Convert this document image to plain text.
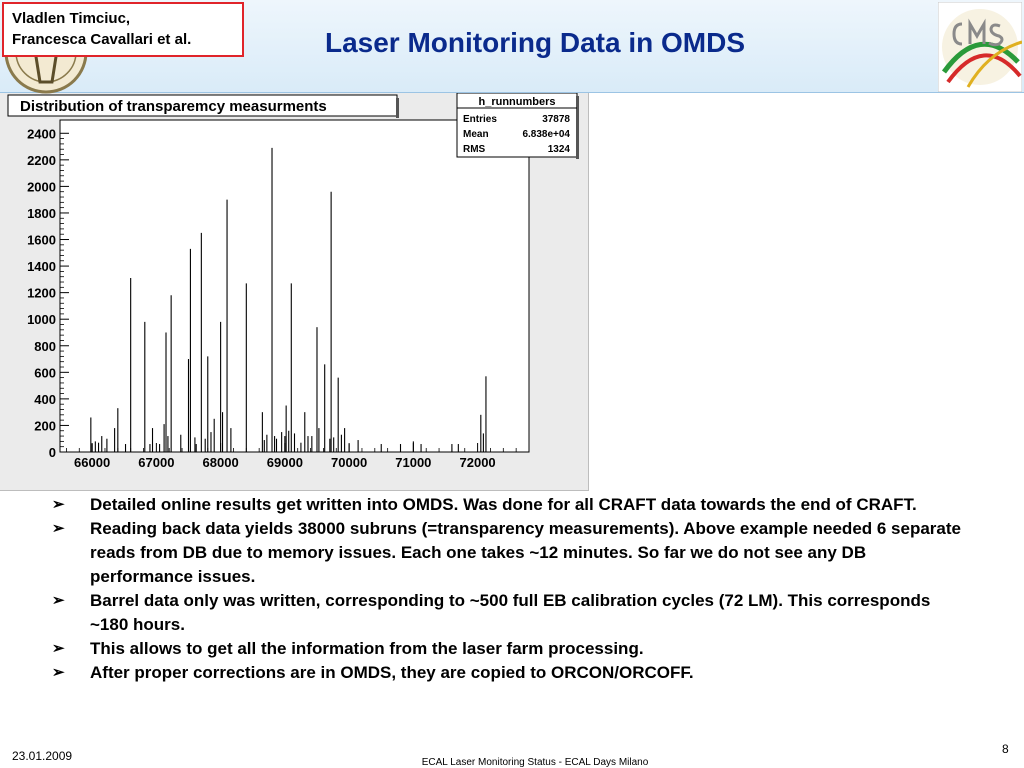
Vladlen Timciuc,
Francesca Cavallari et al.	Laser Monitoring Data in OMDS
0
200
400
600
800
1000
1200
1400
1600
1800
2000
2200
2400
66000 67000 68000 69000 70000 71000 72000
Distribution of transparemcy measurments	h_runnumbers
Entries	37878
Mean	6.838e+04
RMS	1324
➢ Detailed online results get written into OMDS. Was done for all CRAFT data towards the end of CRAFT.
➢ Reading back data yields 38000 subruns (=transparency measurements). Above example needed 6 separate reads from DB due to memory issues. Each one takes ~12 minutes. So far we do not see any DB performance issues.
➢ Barrel data only was written, corresponding to ~500 full EB calibration cycles (72 LM). This corresponds ~180 hours.
➢ This allows to get all the information from the laser farm processing.
➢ After proper corrections are in OMDS, they are copied to ORCON/ORCOFF.
23.01.2009	ECAL Laser Monitoring Status - ECAL Days Milano
8
